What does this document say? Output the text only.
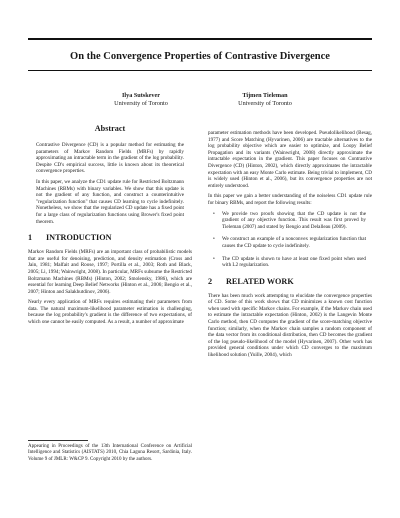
On the Convergence Properties of Contrastive Divergence
Ilya Sutskever
University of Toronto
Tijmen Tieleman
University of Toronto
Abstract

Contrastive Divergence (CD) is a popular method for estimating the parameters of Markov Random Fields (MRFs) by rapidly approximating an intractable term in the gradient of the log probability. Despite CD's empirical success, little is known about its theoretical convergence properties.

In this paper, we analyze the CD1 update rule for Restricted Boltzmann Machines (RBMs) with binary variables. We show that this update is not the gradient of any function, and construct a counterintuitive "regularization function" that causes CD learning to cycle indefinitely. Nonetheless, we show that the regularized CD update has a fixed point for a large class of regularization functions using Brower's fixed point theorem.

1 INTRODUCTION

Markov Random Fields (MRFs) are an important class of probabilistic models that are useful for denoising, prediction, and density estimation (Cross and Jain, 1981; Malfait and Roose, 1997; Portilla et al., 2003; Roth and Black, 2005; Li, 1994; Wainwright, 2008). In particular, MRFs subsume the Restricted Boltzmann Machines (RBMs) (Hinton, 2002; Smolensky, 1986), which are essential for learning Deep Belief Networks (Hinton et al., 2006; Bengio et al., 2007; Hinton and Salakhutdinov, 2006).

Nearly every application of MRFs requires estimating their parameters from data. The natural maximum-likelihood parameter estimation is challenging, because the log probability's gradient is the difference of two expectations, of which one cannot be easily computed. As a result, a number of approximate

parameter estimation methods have been developed. Pseudolikelihood (Besag, 1977) and Score Matching (Hyvarinen, 2006) are tractable alternatives to the log probability objective which are easier to optimize, and Loopy Belief Propagation and its variants (Wainwright, 2008) directly approximate the intractable expectation in the gradient. This paper focuses on Contrastive Divergence (CD) (Hinton, 2002), which directly approximates the intractable expectation with an easy Monte Carlo estimate. Being trivial to implement, CD is widely used (Hinton et al., 2006), but its convergence properties are not entirely understood.

In this paper we gain a better understanding of the noiseless CD1 update rule for binary RBMs, and report the following results:

• We provide two proofs showing that the CD update is not the gradient of any objective function. This result was first proved by Tieleman (2007) and stated by Bengio and Delalleau (2009).
• We construct an example of a nonconvex regularization function that causes the CD update to cycle indefinitely.
• The CD update is shown to have at least one fixed point when used with L2 regularization.
2 RELATED WORK

There has been much work attempting to elucidate the convergence properties of CD. Some of this work shows that CD minimizes a known cost function when used with specific Markov chains. For example, if the Markov chain used to estimate the intractable expectation (Hinton, 2002) is the Langevin Monte Carlo method, then CD computes the gradient of the score-matching objective function; similarly, when the Markov chain samples a random component of the data vector from its conditional distribution, then CD becomes the gradient of the log pseudo-likelihood of the model (Hyvarinen, 2007). Other work has provided general conditions under which CD converges to the maximum likelihood solution (Yuille, 2004), which

Appearing in Proceedings of the 13th International Conference on Artificial Intelligence and Statistics (AISTATS) 2010, Chia Laguna Resort, Sardinia, Italy. Volume 9 of JMLR: W&CP 9. Copyright 2010 by the authors.
